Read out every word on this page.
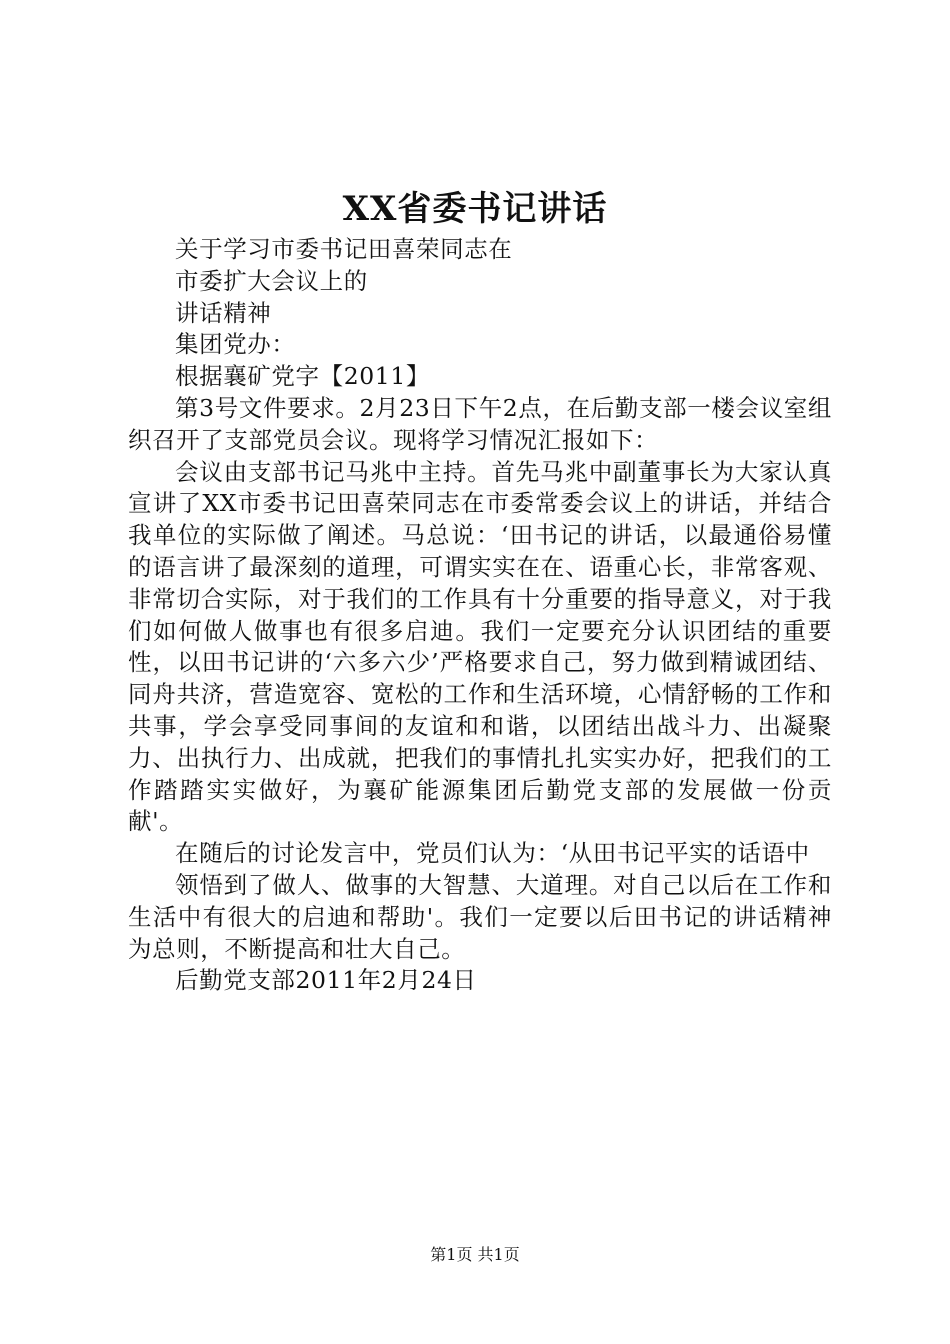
XX省委书记讲话

关于学习市委书记田喜荣同志在

市委扩大会议上的

讲话精神

集团党办：

根据襄矿党字【2011】

第3号文件要求。2月23日下午2点，在后勤支部一楼会议室组织召开了支部党员会议。现将学习情况汇报如下：

会议由支部书记马兆中主持。首先马兆中副董事长为大家认真宣讲了XX市委书记田喜荣同志在市委常委会议上的讲话，并结合我单位的实际做了阐述。马总说：‘田书记的讲话，以最通俗易懂的语言讲了最深刻的道理，可谓实实在在、语重心长，非常客观、非常切合实际，对于我们的工作具有十分重要的指导意义，对于我们如何做人做事也有很多启迪。我们一定要充分认识团结的重要性，以田书记讲的‘六多六少’严格要求自己，努力做到精诚团结、同舟共济，营造宽容、宽松的工作和生活环境，心情舒畅的工作和共事，学会享受同事间的友谊和和谐，以团结出战斗力、出凝聚力、出执行力、出成就，把我们的事情扎扎实实办好，把我们的工作踏踏实实做好，为襄矿能源集团后勤党支部的发展做一份贡献'。

在随后的讨论发言中，党员们认为：‘从田书记平实的话语中

领悟到了做人、做事的大智慧、大道理。对自己以后在工作和生活中有很大的启迪和帮助'。我们一定要以后田书记的讲话精神为总则，不断提高和壮大自己。

后勤党支部2011年2月24日

第1页 共1页
